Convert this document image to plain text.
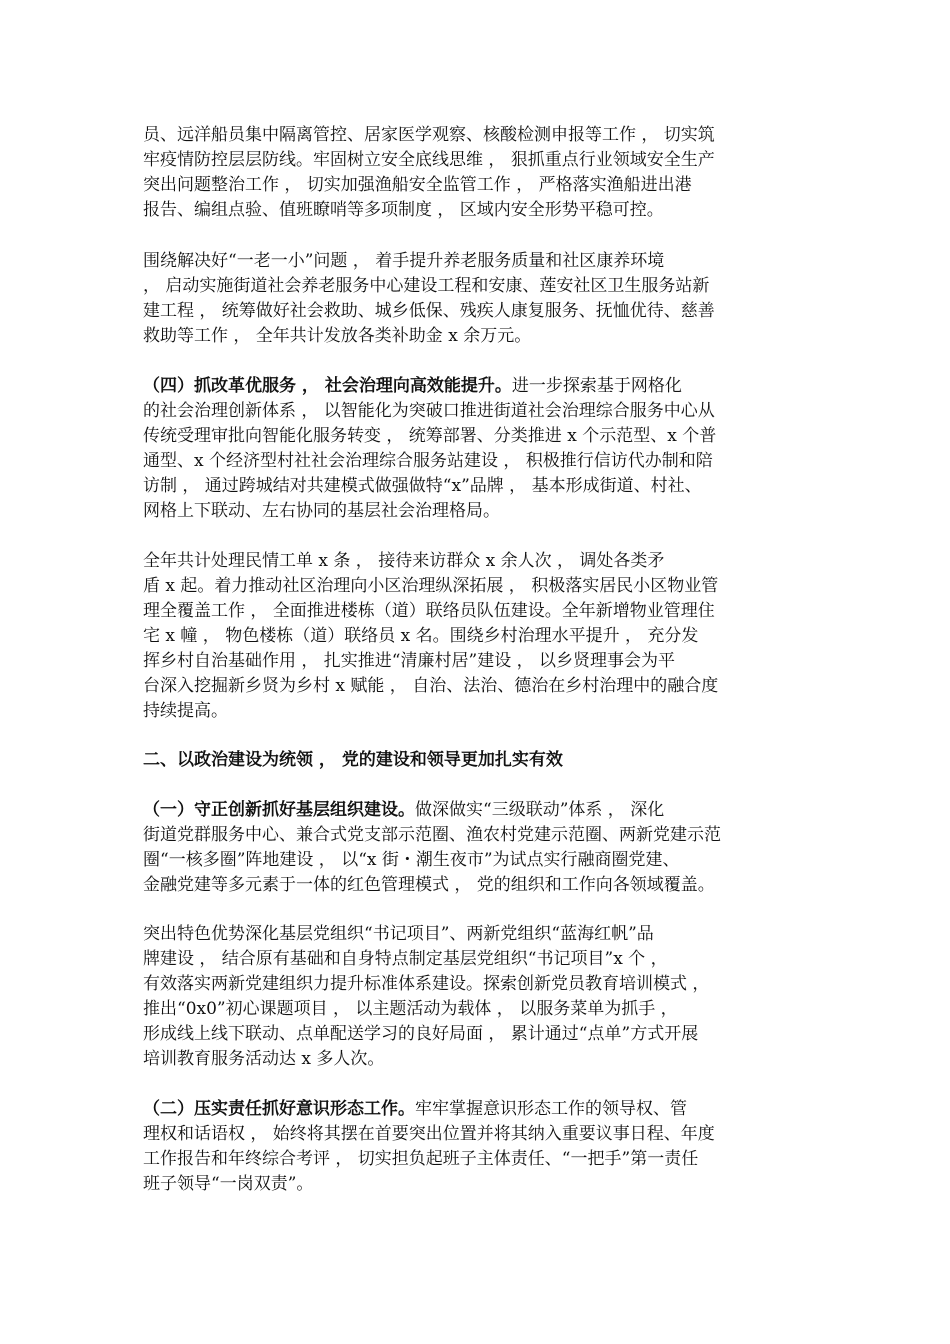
员、远洋船员集中隔离管控、居家医学观察、核酸检测申报等工作 ， 切实筑
牢疫情防控层层防线。牢固树立安全底线思维 ， 狠抓重点行业领域安全生产
突出问题整治工作 ， 切实加强渔船安全监管工作 ， 严格落实渔船进出港
报告、编组点验、值班瞭哨等多项制度 ， 区域内安全形势平稳可控。
围绕解决好“一老一小”问题 ， 着手提升养老服务质量和社区康养环境
， 启动实施街道社会养老服务中心建设工程和安康、莲安社区卫生服务站新
建工程 ， 统筹做好社会救助、城乡低保、残疾人康复服务、抚恤优待、慈善
救助等工作 ， 全年共计发放各类补助金 x 余万元。
（四）抓改革优服务 ， 社会治理向高效能提升。进一步探索基于网格化
的社会治理创新体系 ， 以智能化为突破口推进街道社会治理综合服务中心从
传统受理审批向智能化服务转变 ， 统筹部署、分类推进 x 个示范型、x 个普
通型、x 个经济型村社社会治理综合服务站建设 ， 积极推行信访代办制和陪
访制 ， 通过跨城结对共建模式做强做特“x”品牌 ， 基本形成街道、村社、
网格上下联动、左右协同的基层社会治理格局。
全年共计处理民情工单 x 条 ， 接待来访群众 x 余人次 ， 调处各类矛
盾 x 起。着力推动社区治理向小区治理纵深拓展 ， 积极落实居民小区物业管
理全覆盖工作 ， 全面推进楼栋（道）联络员队伍建设。全年新增物业管理住
宅 x 幢 ， 物色楼栋（道）联络员 x 名。围绕乡村治理水平提升 ， 充分发
挥乡村自治基础作用 ， 扎实推进“清廉村居”建设 ， 以乡贤理事会为平
台深入挖掘新乡贤为乡村 x 赋能 ， 自治、法治、德治在乡村治理中的融合度
持续提高。
二、以政治建设为统领 ， 党的建设和领导更加扎实有效
（一）守正创新抓好基层组织建设。做深做实“三级联动”体系 ， 深化
街道党群服务中心、兼合式党支部示范圈、渔农村党建示范圈、两新党建示范
圈“一核多圈”阵地建设 ， 以“x 街・潮生夜市”为试点实行融商圈党建、
金融党建等多元素于一体的红色管理模式 ， 党的组织和工作向各领域覆盖。
突出特色优势深化基层党组织“书记项目”、两新党组织“蓝海红帆”品
牌建设 ， 结合原有基础和自身特点制定基层党组织“书记项目”x 个 ，
有效落实两新党建组织力提升标准体系建设。探索创新党员教育培训模式 ，
推出“0x0”初心课题项目 ， 以主题活动为载体 ， 以服务菜单为抓手 ，
形成线上线下联动、点单配送学习的良好局面 ， 累计通过“点单”方式开展
培训教育服务活动达 x 多人次。
（二）压实责任抓好意识形态工作。牢牢掌握意识形态工作的领导权、管
理权和话语权 ， 始终将其摆在首要突出位置并将其纳入重要议事日程、年度
工作报告和年终综合考评 ， 切实担负起班子主体责任、“一把手”第一责任
班子领导“一岗双责”。
